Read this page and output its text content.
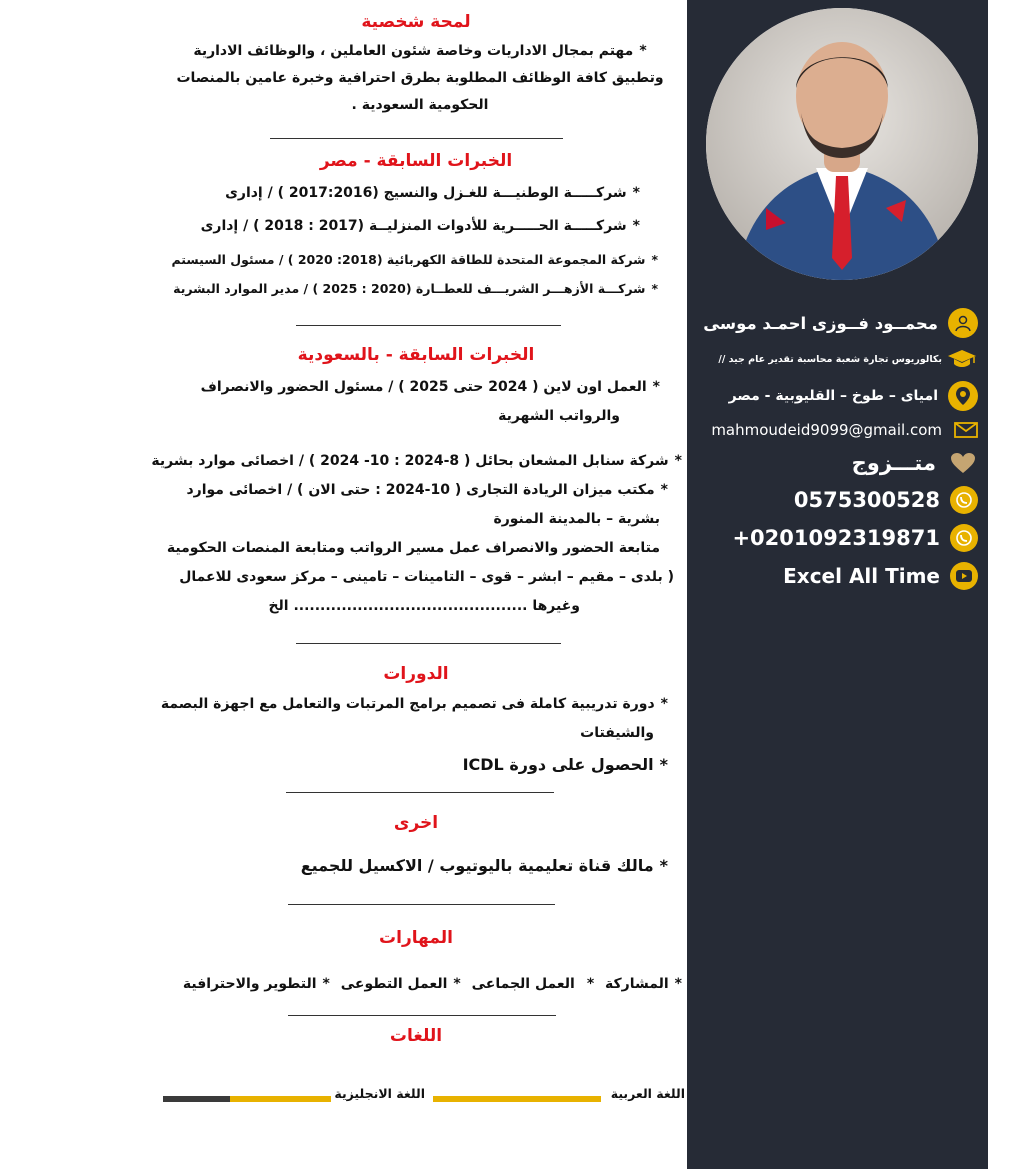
لمحة شخصية
*مهتم بمجال الاداريات وخاصة شئون العاملين ، والوظائف الادارية وتطبيق كافة الوظائف المطلوبة بطرق احترافية وخبرة عامين بالمنصات الحكومية السعودية .
الخبرات السابقة - مصر
*شركـــــة الوطنيـــة للغـزل والنسيج (2017:2016 ) / إدارى
*شركـــــة الحـــــرية للأدوات المنزليــة (2017 : 2018 ) / إدارى
*شركة المجموعة المتحدة للطاقة الكهربائية (2018: 2020 ) / مسئول السيستم
*شركـــة الأزهـــر الشريـــف للعطــارة (2020 : 2025 ) / مدير الموارد البشرية
الخبرات السابقة - بالسعودية
*العمل اون لاين ( 2024 حتى 2025 ) / مسئول الحضور والانصراف
والرواتب الشهرية
*شركة سنابل المشعان بحائل ( 8-2024 : 10- 2024 ) / اخصائى موارد بشرية
*مكتب ميزان الريادة التجارى ( 10-2024 : حتى الان ) / اخصائى موارد
بشرية – بالمدينة المنورة
متابعة الحضور والانصراف عمل مسير الرواتب ومتابعة المنصات الحكومية
( بلدى – مقيم – ابشر – قوى – التامينات – تامينى – مركز سعودى للاعمال
وغيرها ............................................ الخ
الدورات
*دورة تدريبية كاملة فى تصميم برامج المرتبات والتعامل مع اجهزة البصمة
والشيفتات
*الحصول على دورة ICDL
اخرى
*مالك قناة تعليمية باليوتيوب / الاكسيل للجميع
المهارات
*المشاركة *العمل الجماعى *العمل التطوعى *التطوير والاحترافية
اللغات
اللغة العربية
اللغة الانجليزية
محمــود فــوزى احمـد موسى
بكالوريوس تجارة شعبة محاسبة تقدير عام جيد //
امياى – طوخ – القليوبية - مصر
mahmoudeid9099@gmail.com
متـــزوج
0575300528
+0201092319871
Excel All Time
